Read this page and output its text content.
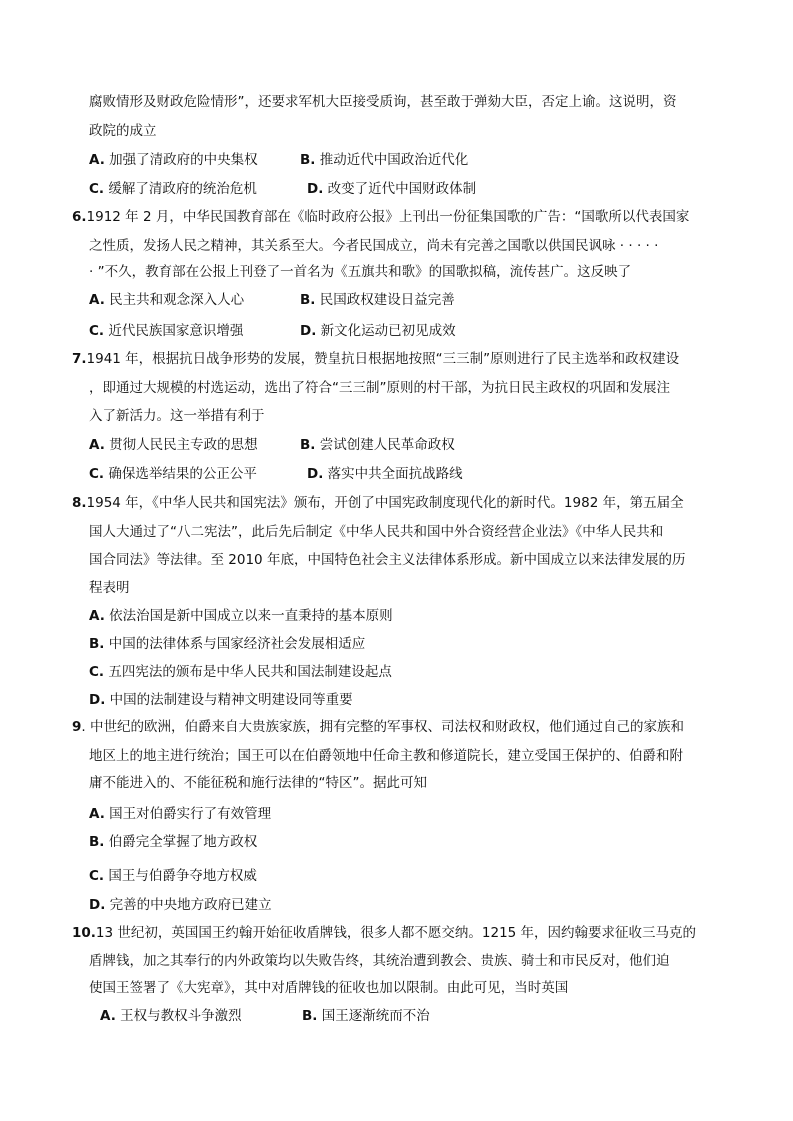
腐败情形及财政危险情形”，还要求军机大臣接受质询，甚至敢于弹劾大臣，否定上谕。这说明，资
政院的成立
A. 加强了清政府的中央集权	B. 推动近代中国政治近代化
C. 缓解了清政府的统治危机	D. 改变了近代中国财政体制
6.1912 年 2 月，中华民国教育部在《临时政府公报》上刊出一份征集国歌的广告：“国歌所以代表国家
之性质，发扬人民之精神，其关系至大。今者民国成立，尚未有完善之国歌以供国民讽咏 · · · · ·
· ”不久，教育部在公报上刊登了一首名为《五旗共和歌》的国歌拟稿，流传甚广。这反映了
A. 民主共和观念深入人心	B. 民国政权建设日益完善
C. 近代民族国家意识增强	D. 新文化运动已初见成效
7.1941 年，根据抗日战争形势的发展，赞皇抗日根据地按照“三三制”原则进行了民主选举和政权建设
，即通过大规模的村选运动，选出了符合“三三制”原则的村干部，为抗日民主政权的巩固和发展注
入了新活力。这一举措有利于
A. 贯彻人民民主专政的思想	B. 尝试创建人民革命政权
C. 确保选举结果的公正公平	D. 落实中共全面抗战路线
8.1954 年，《中华人民共和国宪法》颁布，开创了中国宪政制度现代化的新时代。1982 年，第五届全
国人大通过了“八二宪法”，此后先后制定《中华人民共和国中外合资经营企业法》《中华人民共和
国合同法》等法律。至 2010 年底，中国特色社会主义法律体系形成。新中国成立以来法律发展的历
程表明
A. 依法治国是新中国成立以来一直秉持的基本原则
B. 中国的法律体系与国家经济社会发展相适应
C. 五四宪法的颁布是中华人民共和国法制建设起点
D. 中国的法制建设与精神文明建设同等重要
9. 中世纪的欧洲，伯爵来自大贵族家族，拥有完整的军事权、司法权和财政权，他们通过自己的家族和
地区上的地主进行统治；国王可以在伯爵领地中任命主教和修道院长，建立受国王保护的、伯爵和附
庸不能进入的、不能征税和施行法律的“特区”。据此可知
A. 国王对伯爵实行了有效管理
B. 伯爵完全掌握了地方政权
C. 国王与伯爵争夺地方权威
D. 完善的中央地方政府已建立
10.13 世纪初，英国国王约翰开始征收盾牌钱，很多人都不愿交纳。1215 年，因约翰要求征收三马克的
盾牌钱，加之其奉行的内外政策均以失败告终，其统治遭到教会、贵族、骑士和市民反对，他们迫
使国王签署了《大宪章》，其中对盾牌钱的征收也加以限制。由此可见，当时英国
A. 王权与教权斗争激烈	B. 国王逐渐统而不治
